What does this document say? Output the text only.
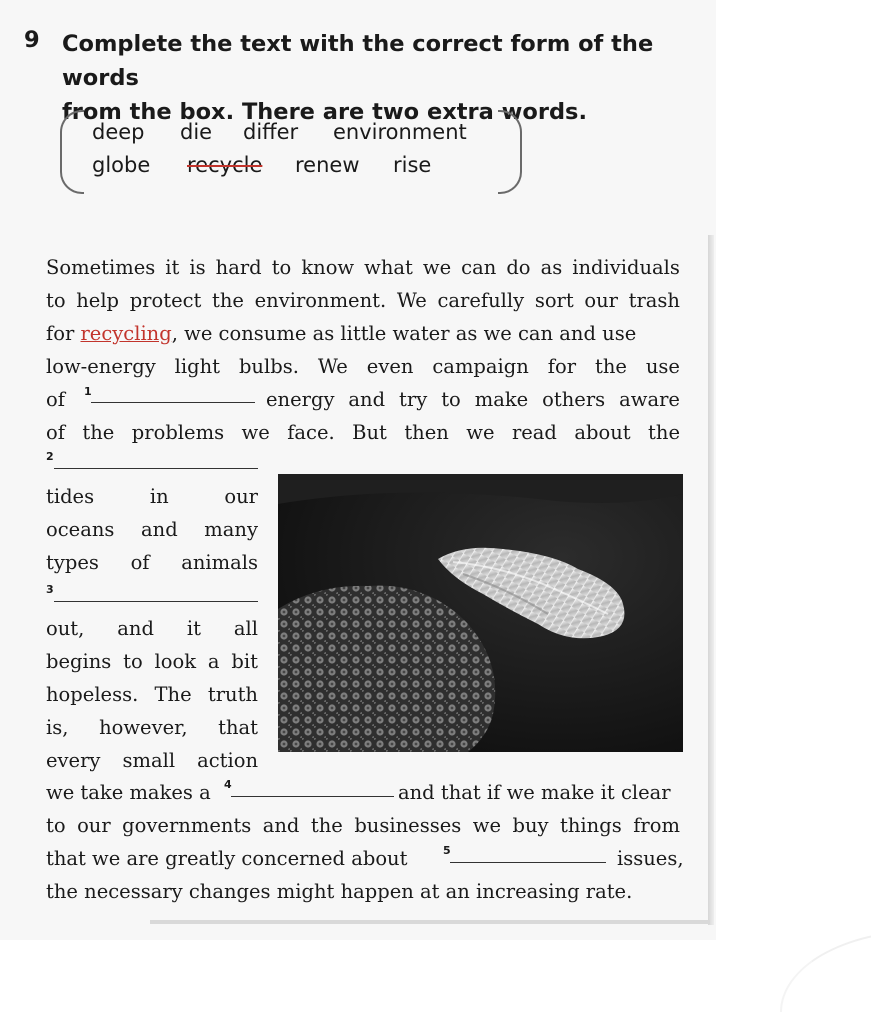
9 Complete the text with the correct form of the words
from the box. There are two extra words.
deep die differ environment
globe recycle renew rise
Sometimes it is hard to know what we can do as individuals
to help protect the environment. We carefully sort our trash
for recycling, we consume as little water as we can and use
low-energy light bulbs. We even campaign for the use
of 1	energy and try to make others aware
of the problems we face. But then we read about the
2
tides	in	our
oceans and many
types of animals
3
out, and it all
begins to look a bit
hopeless. The truth
is, however, that
every small action
we take makes a 4	and that if we make it clear
to our governments and the businesses we buy things from
that we are greatly concerned about	5	issues,
the necessary changes might happen at an increasing rate.
